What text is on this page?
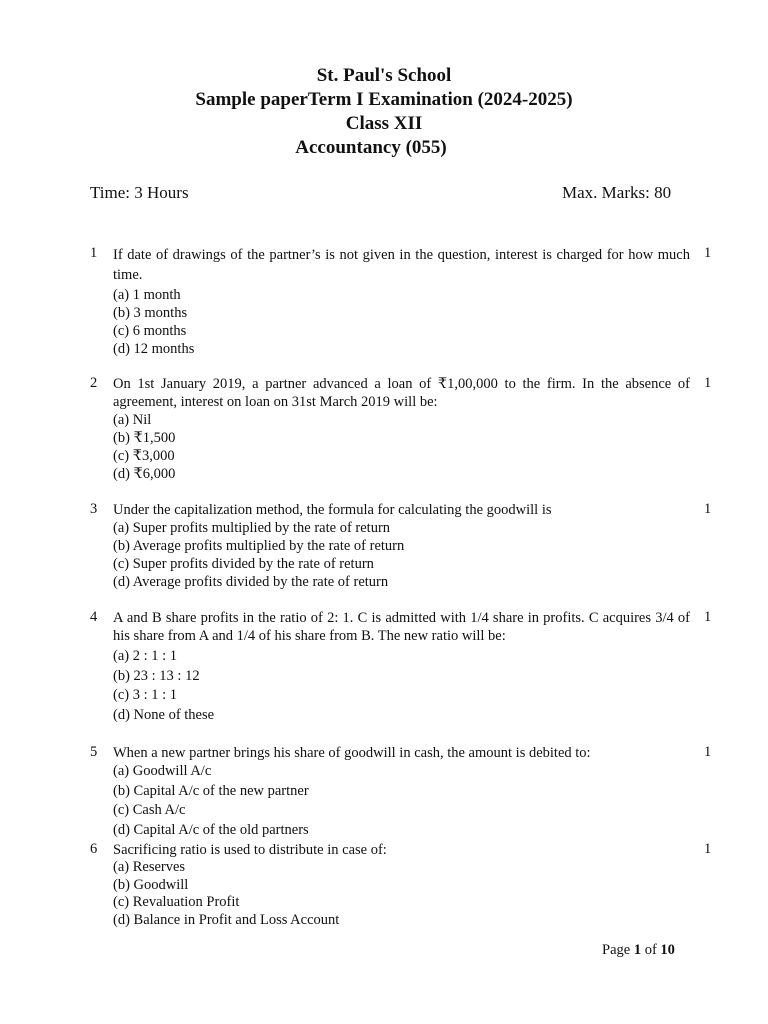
St. Paul's School
Sample paperTerm I Examination (2024-2025)
Class XII
Accountancy (055)
Time: 3 Hours	Max. Marks: 80
1	1
If date of drawings of the partner’s is not given in the question, interest is charged for how much time.
(a) 1 month
(b) 3 months
(c) 6 months
(d) 12 months
2	1
On 1st January 2019, a partner advanced a loan of ₹1,00,000 to the firm. In the absence of agreement, interest on loan on 31st March 2019 will be:
(a) Nil
(b) ₹1,500
(c) ₹3,000
(d) ₹6,000
3	1
Under the capitalization method, the formula for calculating the goodwill is
(a) Super profits multiplied by the rate of return
(b) Average profits multiplied by the rate of return
(c) Super profits divided by the rate of return
(d) Average profits divided by the rate of return
4	1
A and B share profits in the ratio of 2: 1. C is admitted with 1/4 share in profits. C acquires 3/4 of his share from A and 1/4 of his share from B. The new ratio will be:
(a) 2 : 1 : 1
(b) 23 : 13 : 12
(c) 3 : 1 : 1
(d) None of these
5	1
When a new partner brings his share of goodwill in cash, the amount is debited to:
(a) Goodwill A/c
(b) Capital A/c of the new partner
(c) Cash A/c
(d) Capital A/c of the old partners
6	1
Sacrificing ratio is used to distribute in case of:
(a) Reserves
(b) Goodwill
(c) Revaluation Profit
(d) Balance in Profit and Loss Account
Page 1 of 10
